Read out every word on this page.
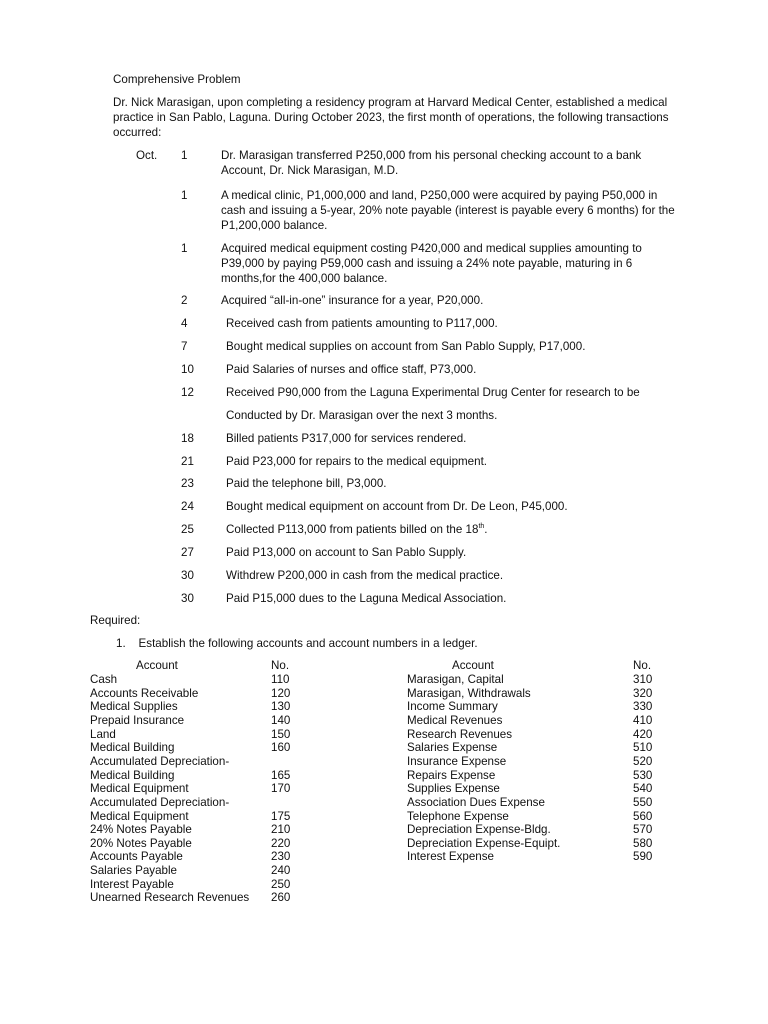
Comprehensive Problem
Dr. Nick Marasigan, upon completing a residency program at Harvard Medical Center, established a medical practice in San Pablo, Laguna. During October 2023, the first month of operations, the following transactions occurred:
Oct. 1	Dr. Marasigan transferred P250,000 from his personal checking account to a bank Account, Dr. Nick Marasigan, M.D.
1	A medical clinic, P1,000,000 and land, P250,000 were acquired by paying P50,000 in cash and issuing a 5-year, 20% note payable (interest is payable every 6 months) for the P1,200,000 balance.
1	Acquired medical equipment costing P420,000 and medical supplies amounting to P39,000 by paying P59,000 cash and issuing a 24% note payable, maturing in 6 months,for the 400,000 balance.
2	Acquired “all-in-one” insurance for a year, P20,000.
4	Received cash from patients amounting to P117,000.
7	Bought medical supplies on account from San Pablo Supply, P17,000.
10	Paid Salaries of nurses and office staff, P73,000.
12	Received P90,000 from the Laguna Experimental Drug Center for research to be
Conducted by Dr. Marasigan over the next 3 months.
18	Billed patients P317,000 for services rendered.
21	Paid P23,000 for repairs to the medical equipment.
23	Paid the telephone bill, P3,000.
24	Bought medical equipment on account from Dr. De Leon, P45,000.
25	Collected P113,000 from patients billed on the 18th.
27	Paid P13,000 on account to San Pablo Supply.
30	Withdrew P200,000 in cash from the medical practice.
30	Paid P15,000 dues to the Laguna Medical Association.
Required:
1.    Establish the following accounts and account numbers in a ledger.
Account	No.
Cash	110
Accounts Receivable	120
Medical Supplies	130
Prepaid Insurance	140
Land	150
Medical Building	160
Accumulated Depreciation-
Medical Building	165
Medical Equipment	170
Accumulated Depreciation-
Medical Equipment	175
24% Notes Payable	210
20% Notes Payable	220
Accounts Payable	230
Salaries Payable	240
Interest Payable	250
Unearned Research Revenues 260
Account	No.
Marasigan, Capital	310
Marasigan, Withdrawals	320
Income Summary	330
Medical Revenues	410
Research Revenues	420
Salaries Expense	510
Insurance Expense	520
Repairs Expense	530
Supplies Expense	540
Association Dues Expense	550
Telephone Expense	560
Depreciation Expense-Bldg.	570
Depreciation Expense-Equipt.	580
Interest Expense	590
